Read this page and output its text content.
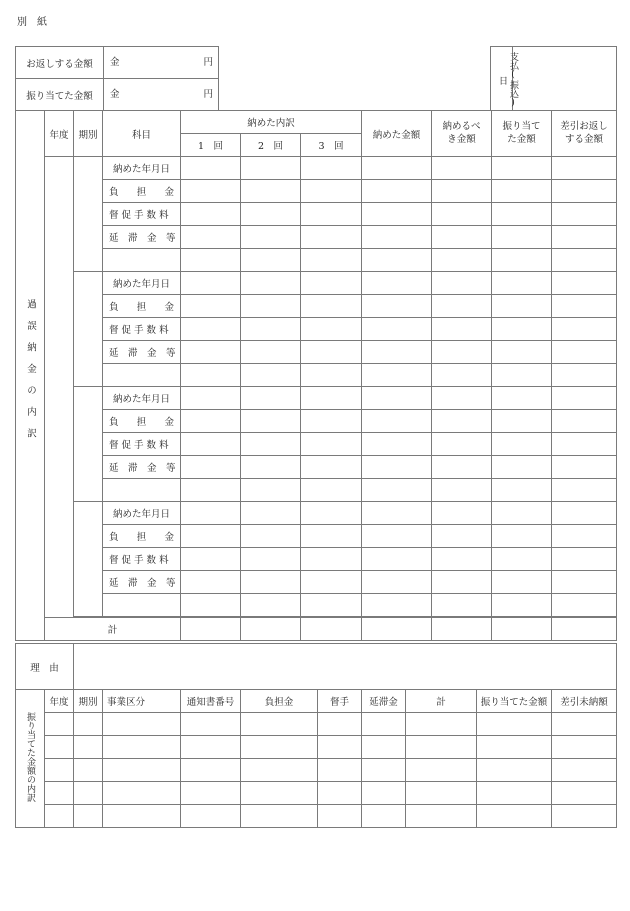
別　紙
お返しする金額	金 円

振り当てた金額	金 円	支払(振込)日

過誤納金の内訳	年度	期別	科目	納めた内訳			納めた金額	納めるべき金額	振り当てた金額	差引お返しする金額
				1　回	2　回	3　回				
			納めた年月日							
			負　担　金							
			督 促 手 数 料							
			延　滞　金　等							

			納めた年月日							
			負　担　金							
			督 促 手 数 料							
			延　滞　金　等							

			納めた年月日							
			負　担　金							
			督 促 手 数 料							
			延　滞　金　等							

			納めた年月日							
			負　担　金							
			督 促 手 数 料							
			延　滞　金　等							

	計									
理　由	
振り当てた金額の内訳	年度	期別	事業区分	通知書番号	負担金	督手	延滞金	計	振り当てた金額	差引未納額
